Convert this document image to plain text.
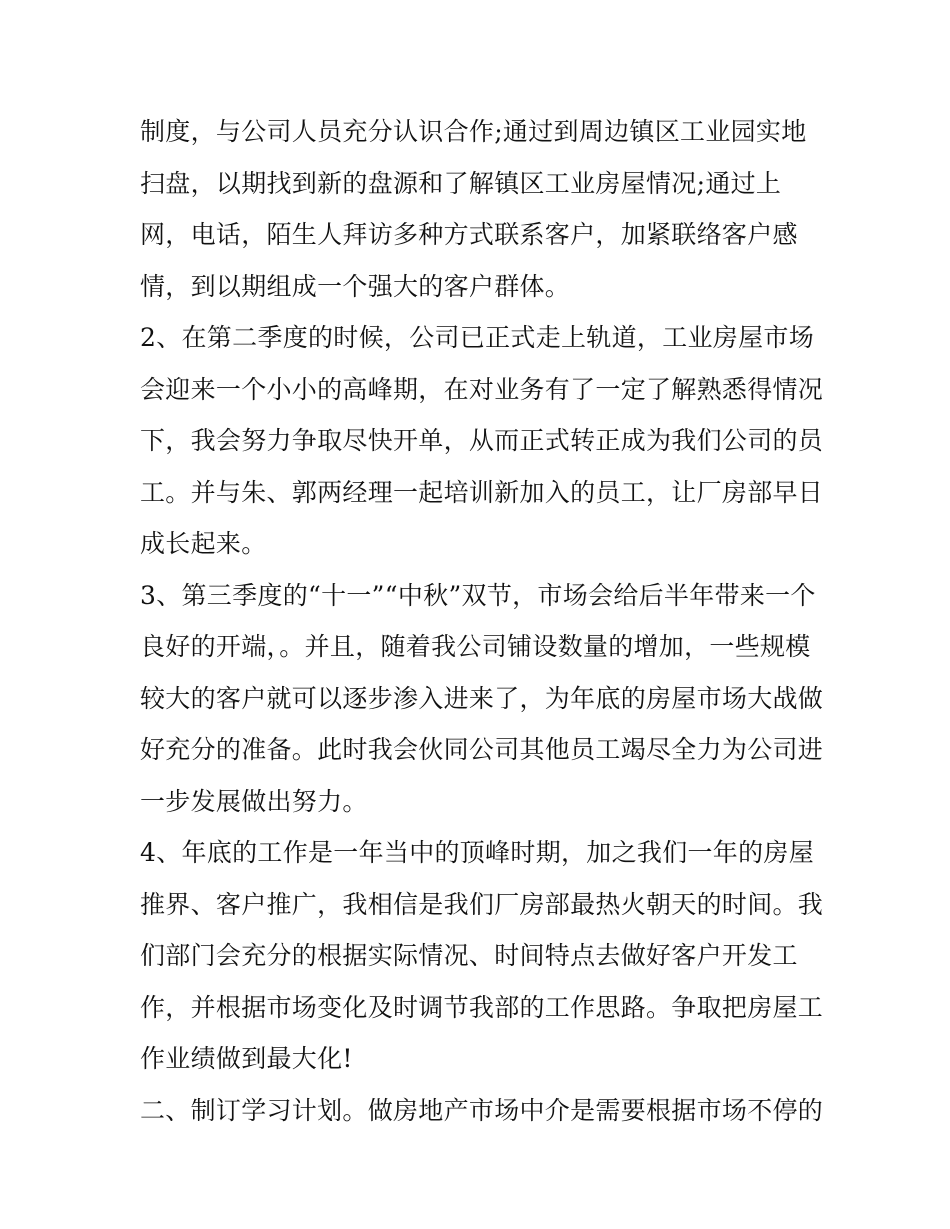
制度，与公司人员充分认识合作;通过到周边镇区工业园实地
扫盘，以期找到新的盘源和了解镇区工业房屋情况;通过上
网，电话，陌生人拜访多种方式联系客户，加紧联络客户感
情，到以期组成一个强大的客户群体。
2、在第二季度的时候，公司已正式走上轨道，工业房屋市场
会迎来一个小小的高峰期，在对业务有了一定了解熟悉得情况
下，我会努力争取尽快开单，从而正式转正成为我们公司的员
工。并与朱、郭两经理一起培训新加入的员工，让厂房部早日
成长起来。
3、第三季度的“十一”“中秋”双节，市场会给后半年带来一个
良好的开端，。并且，随着我公司铺设数量的增加，一些规模
较大的客户就可以逐步渗入进来了，为年底的房屋市场大战做
好充分的准备。此时我会伙同公司其他员工竭尽全力为公司进
一步发展做出努力。
4、年底的工作是一年当中的顶峰时期，加之我们一年的房屋
推界、客户推广，我相信是我们厂房部最热火朝天的时间。我
们部门会充分的根据实际情况、时间特点去做好客户开发工
作，并根据市场变化及时调节我部的工作思路。争取把房屋工
作业绩做到最大化!
二、制订学习计划。做房地产市场中介是需要根据市场不停的
